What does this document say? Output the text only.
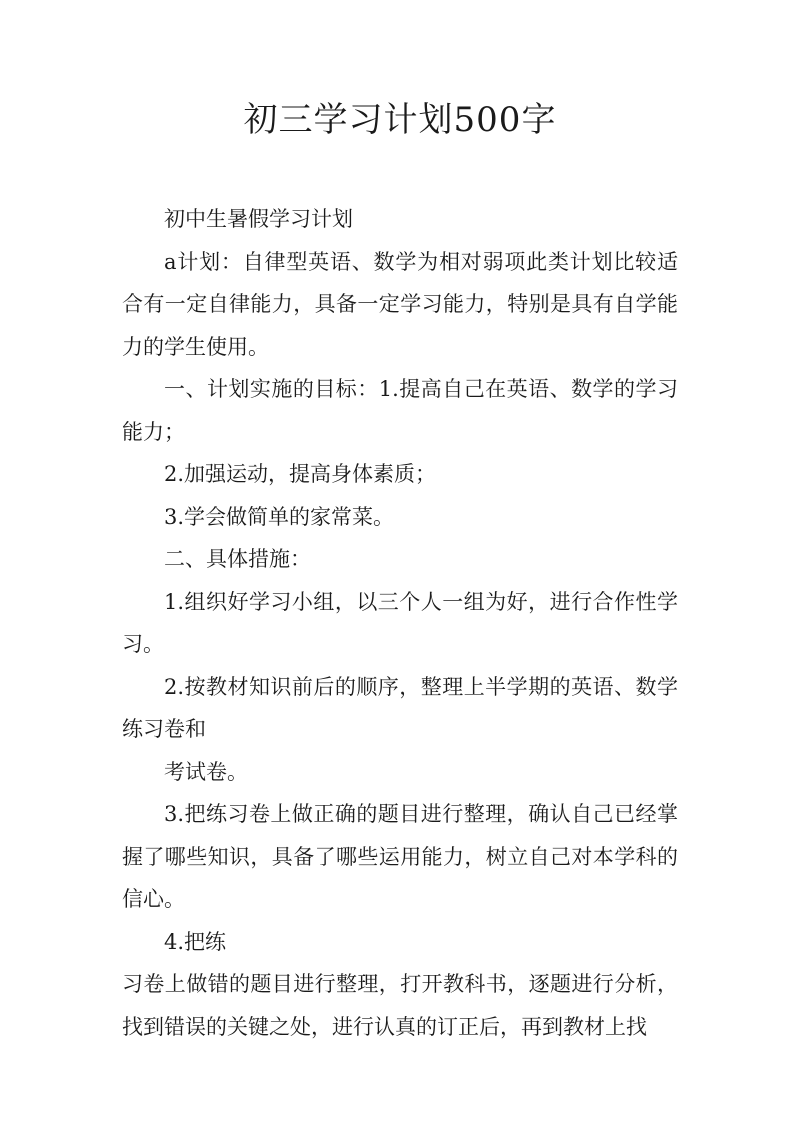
初三学习计划500字

初中生暑假学习计划

a计划：自律型英语、数学为相对弱项此类计划比较适合有一定自律能力，具备一定学习能力，特别是具有自学能力的学生使用。

一、计划实施的目标：1.提高自己在英语、数学的学习能力；

2.加强运动，提高身体素质；

3.学会做简单的家常菜。

二、具体措施：

1.组织好学习小组，以三个人一组为好，进行合作性学习。

2.按教材知识前后的顺序，整理上半学期的英语、数学练习卷和

考试卷。

3.把练习卷上做正确的题目进行整理，确认自己已经掌握了哪些知识，具备了哪些运用能力，树立自己对本学科的信心。

4.把练

习卷上做错的题目进行整理，打开教科书，逐题进行分析，找到错误的关键之处，进行认真的订正后，再到教材上找
